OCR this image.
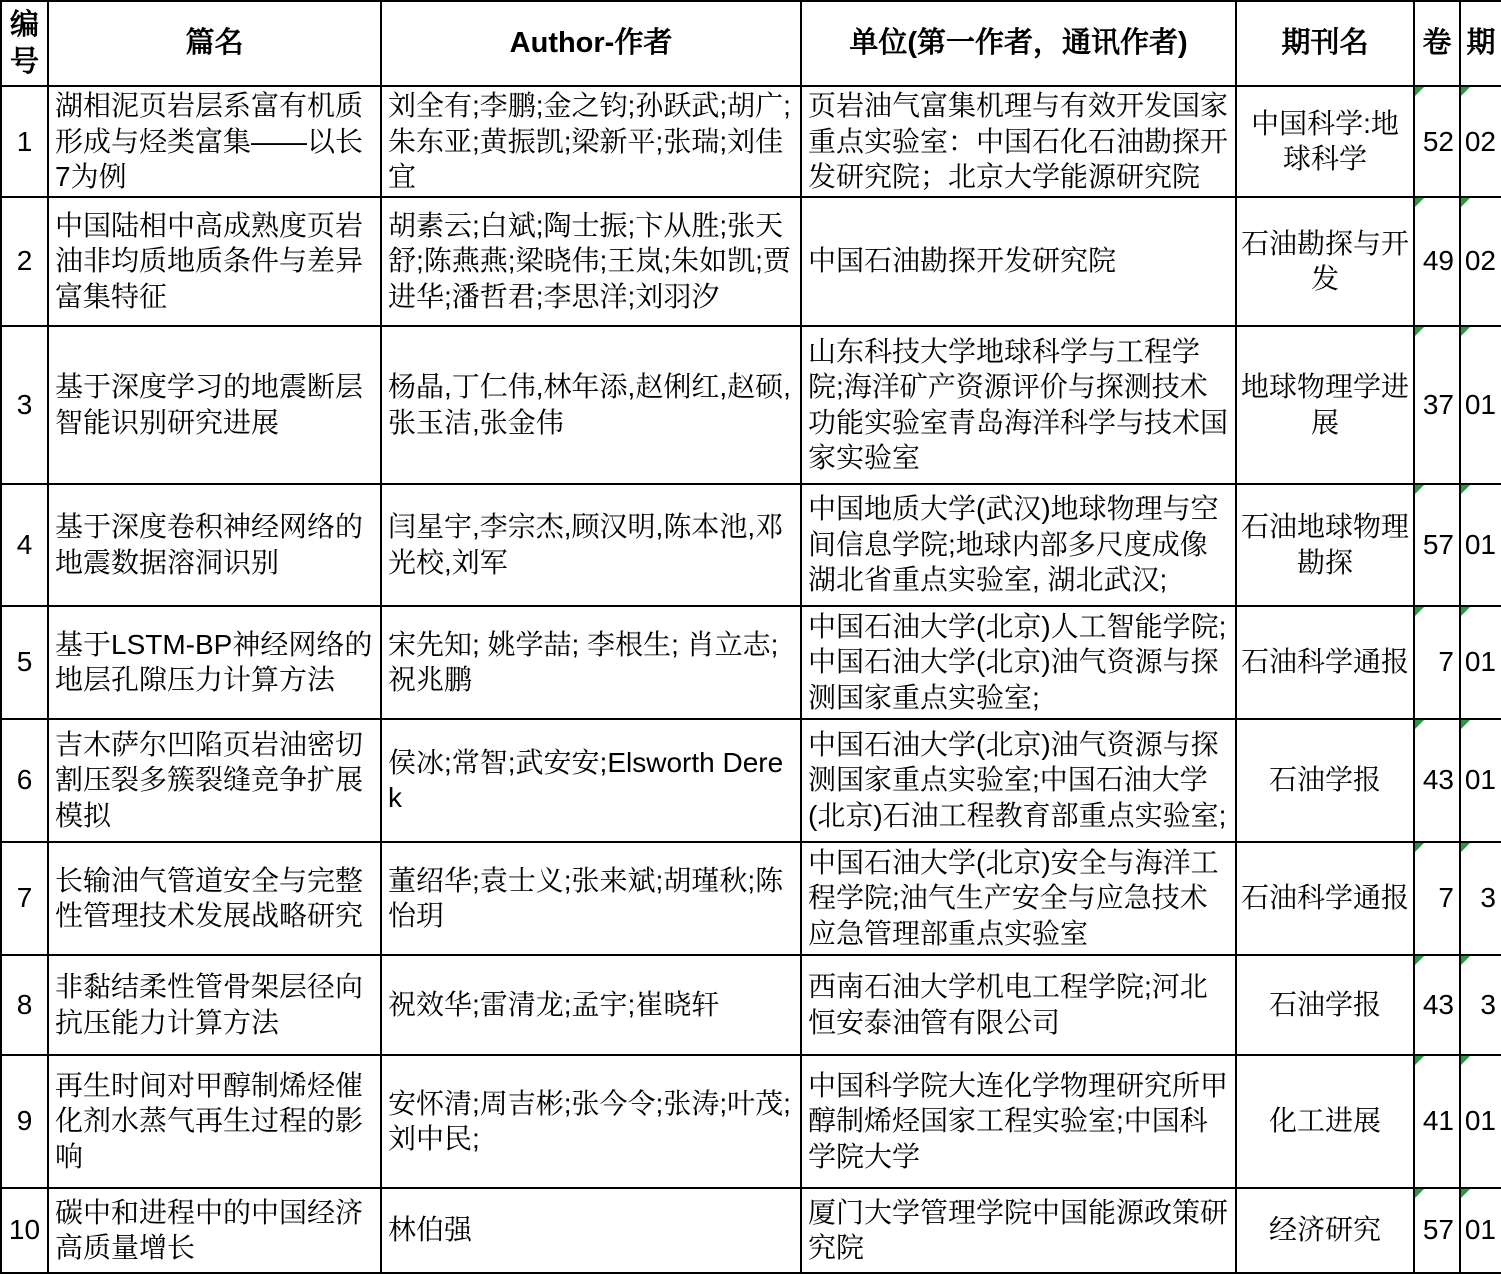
编号	篇名	Author-作者	单位(第一作者，通讯作者)	期刊名	卷	期
1	湖相泥页岩层系富有机质形成与烃类富集——以长7为例	刘全有;李鹏;金之钧;孙跃武;胡广;朱东亚;黄振凯;梁新平;张瑞;刘佳宜	页岩油气富集机理与有效开发国家重点实验室：中国石化石油勘探开发研究院；北京大学能源研究院	中国科学:地球科学	52	02
2	中国陆相中高成熟度页岩油非均质地质条件与差异富集特征	胡素云;白斌;陶士振;卞从胜;张天舒;陈燕燕;梁晓伟;王岚;朱如凯;贾进华;潘哲君;李思洋;刘羽汐	中国石油勘探开发研究院	石油勘探与开发	49	02
3	基于深度学习的地震断层智能识别研究进展	杨晶,丁仁伟,林年添,赵俐红,赵硕,张玉洁,张金伟	山东科技大学地球科学与工程学院;海洋矿产资源评价与探测技术功能实验室青岛海洋科学与技术国家实验室	地球物理学进展	37	01
4	基于深度卷积神经网络的地震数据溶洞识别	闫星宇,李宗杰,顾汉明,陈本池,邓光校,刘军	中国地质大学(武汉)地球物理与空间信息学院;地球内部多尺度成像湖北省重点实验室, 湖北武汉;	石油地球物理勘探	57	01
5	基于LSTM-BP神经网络的地层孔隙压力计算方法	宋先知; 姚学喆; 李根生; 肖立志; 祝兆鹏	中国石油大学(北京)人工智能学院;中国石油大学(北京)油气资源与探测国家重点实验室;	石油科学通报	7	01
6	吉木萨尔凹陷页岩油密切割压裂多簇裂缝竞争扩展模拟	侯冰;常智;武安安;Elsworth Derek	中国石油大学(北京)油气资源与探测国家重点实验室;中国石油大学(北京)石油工程教育部重点实验室;	石油学报	43	01
7	长输油气管道安全与完整性管理技术发展战略研究	董绍华;袁士义;张来斌;胡瑾秋;陈怡玥	中国石油大学(北京)安全与海洋工程学院;油气生产安全与应急技术应急管理部重点实验室	石油科学通报	7	3
8	非黏结柔性管骨架层径向抗压能力计算方法	祝效华;雷清龙;孟宇;崔晓轩	西南石油大学机电工程学院;河北恒安泰油管有限公司	石油学报	43	3
9	再生时间对甲醇制烯烃催化剂水蒸气再生过程的影响	安怀清;周吉彬;张今令;张涛;叶茂;刘中民;	中国科学院大连化学物理研究所甲醇制烯烃国家工程实验室;中国科学院大学	化工进展	41	01
10	碳中和进程中的中国经济高质量增长	林伯强	厦门大学管理学院中国能源政策研究院	经济研究	57	01
